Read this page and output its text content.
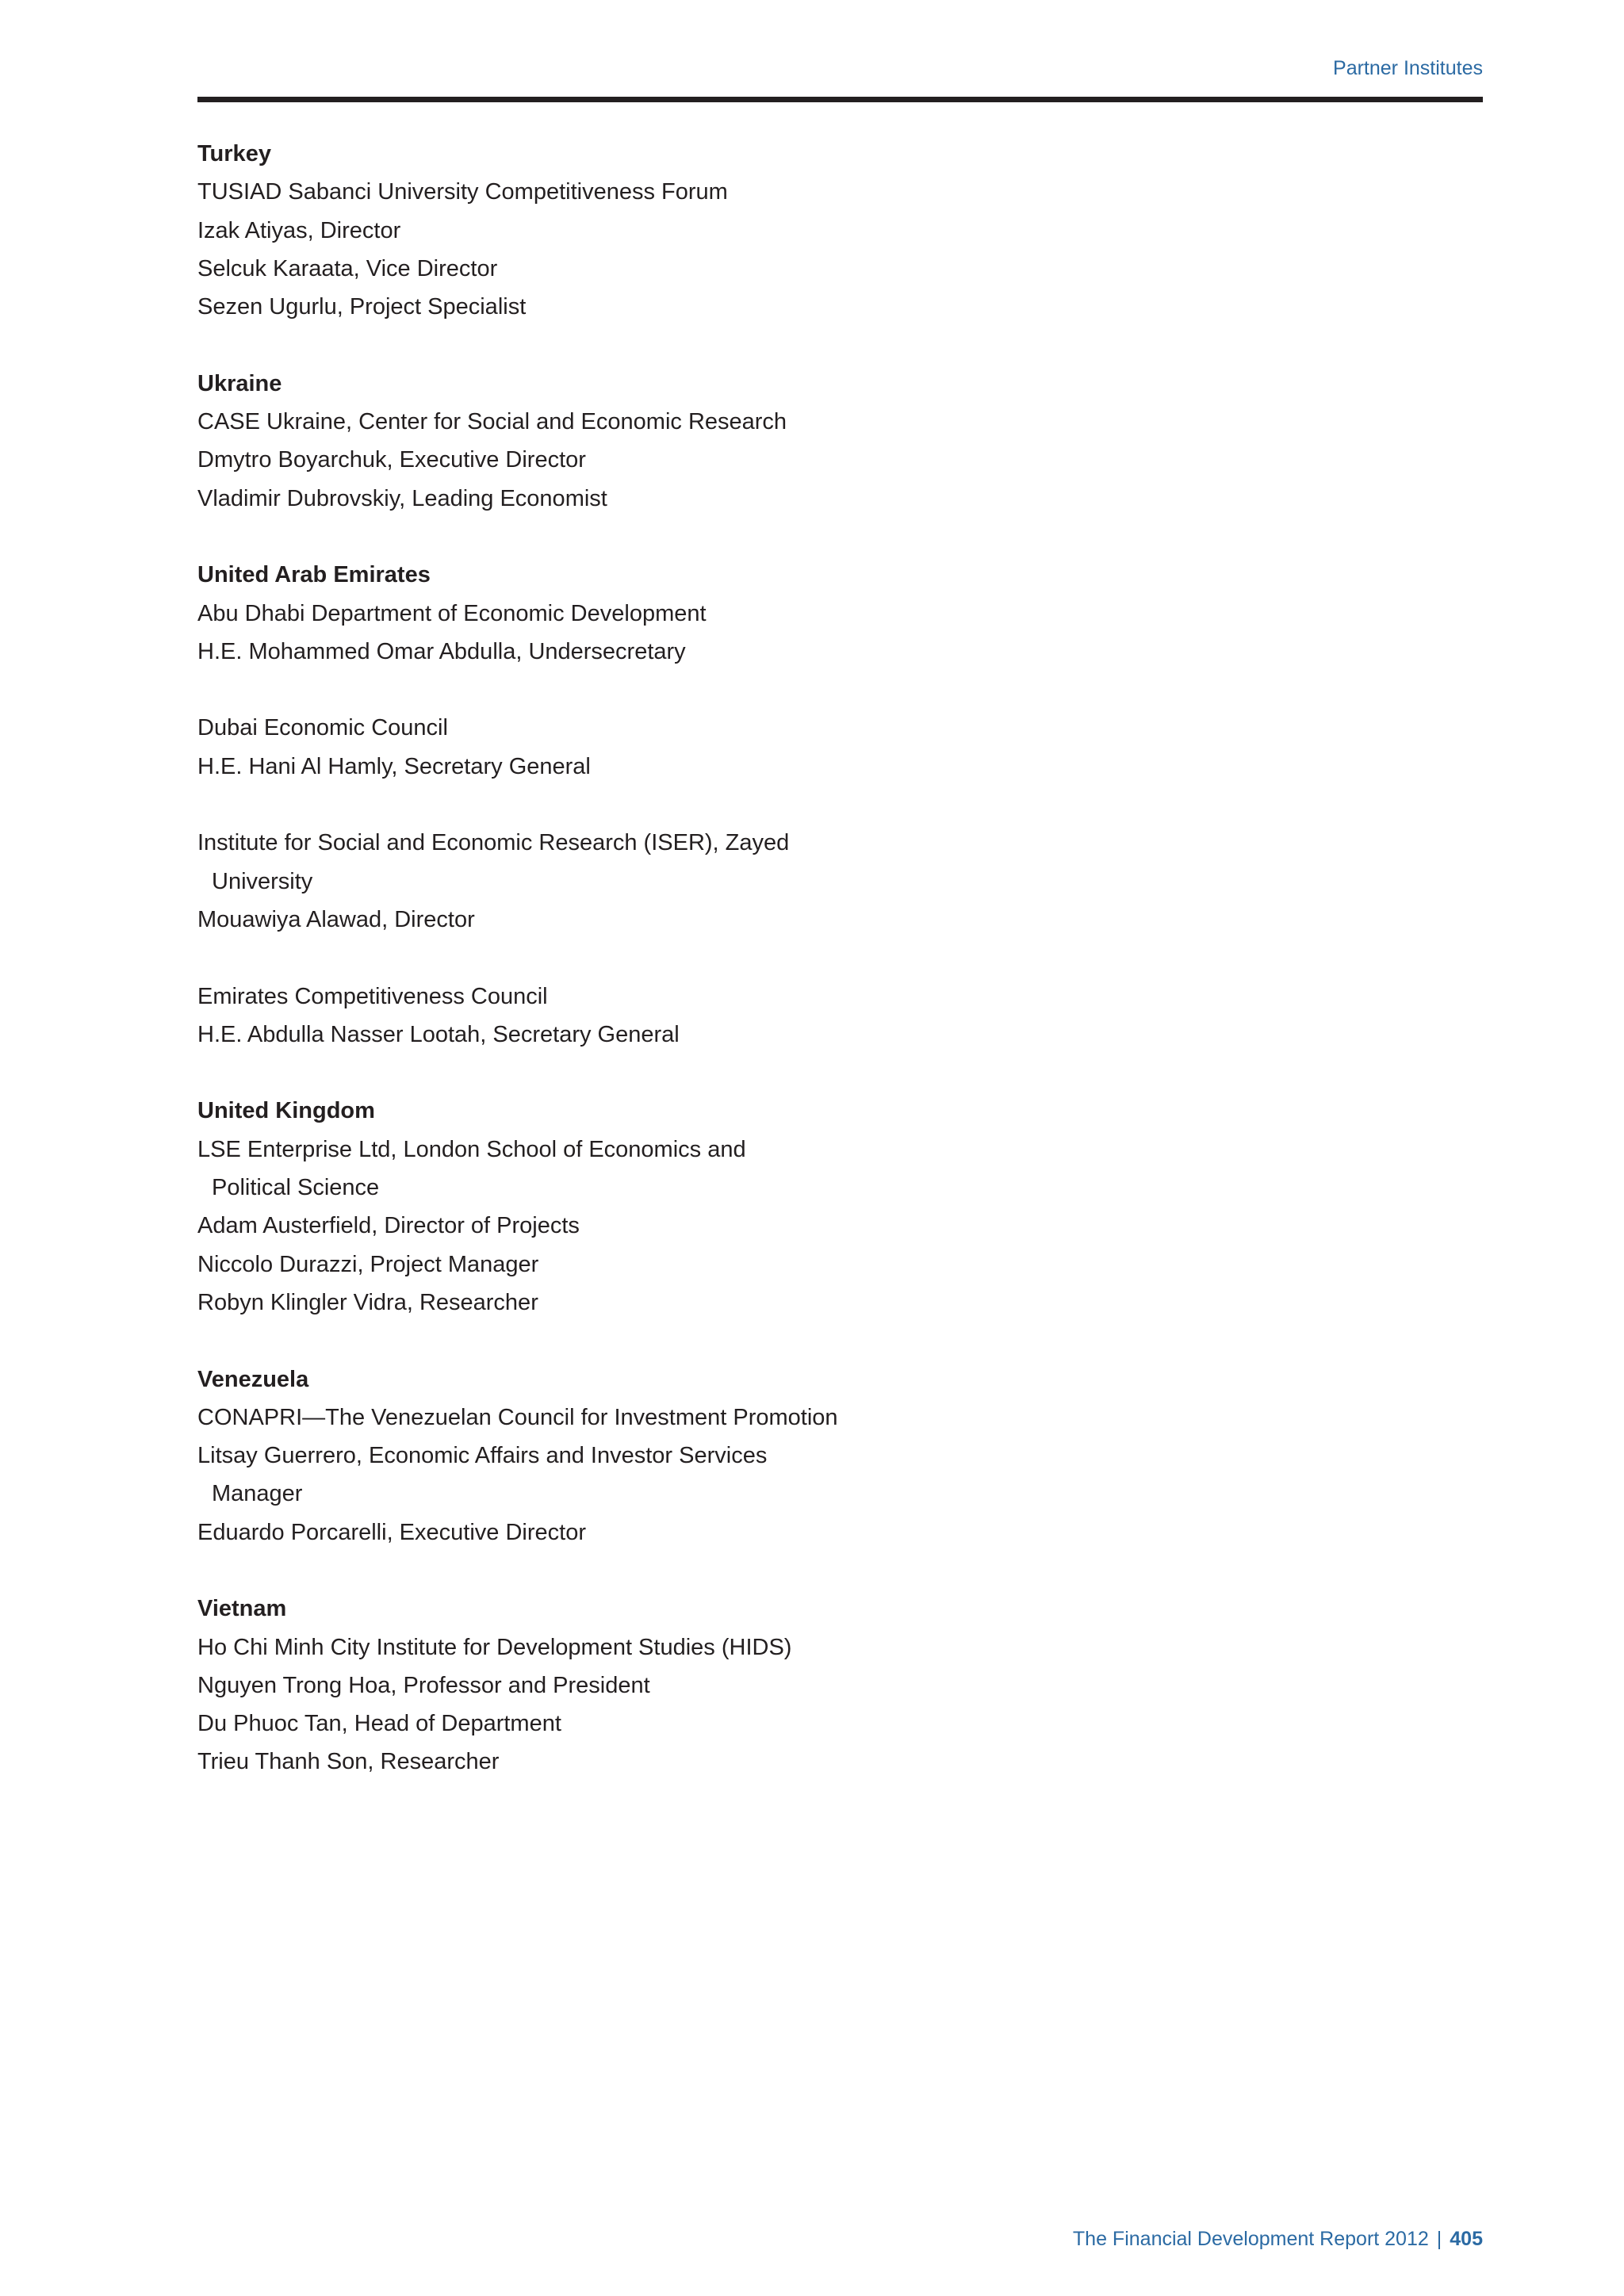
Partner Institutes

Turkey

TUSIAD Sabanci University Competitiveness Forum
Izak Atiyas, Director
Selcuk Karaata, Vice Director
Sezen Ugurlu, Project Specialist

Ukraine

CASE Ukraine, Center for Social and Economic Research
Dmytro Boyarchuk, Executive Director
Vladimir Dubrovskiy, Leading Economist

United Arab Emirates

Abu Dhabi Department of Economic Development
H.E. Mohammed Omar Abdulla, Undersecretary
Dubai Economic Council
H.E. Hani Al Hamly, Secretary General
Institute for Social and Economic Research (ISER), Zayed
University
Mouawiya Alawad, Director
Emirates Competitiveness Council
H.E. Abdulla Nasser Lootah, Secretary General

United Kingdom

LSE Enterprise Ltd, London School of Economics and
Political Science
Adam Austerfield, Director of Projects
Niccolo Durazzi, Project Manager
Robyn Klingler Vidra, Researcher

Venezuela

CONAPRI—The Venezuelan Council for Investment Promotion
Litsay Guerrero, Economic Affairs and Investor Services
Manager
Eduardo Porcarelli, Executive Director

Vietnam

Ho Chi Minh City Institute for Development Studies (HIDS)
Nguyen Trong Hoa, Professor and President
Du Phuoc Tan, Head of Department
Trieu Thanh Son, Researcher
The Financial Development Report 2012 | 405
